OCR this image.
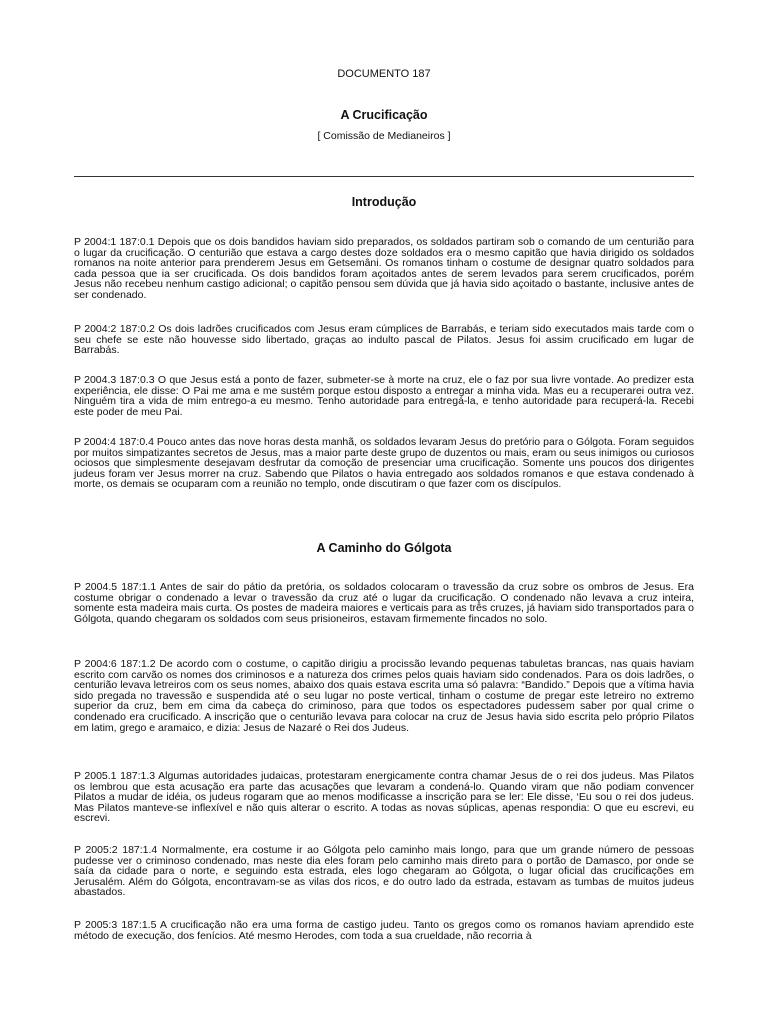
DOCUMENTO 187
A Crucificação
[ Comissão de Medianeiros ]
Introdução

P 2004:1 187:0.1 Depois que os dois bandidos haviam sido preparados, os soldados partiram sob o comando de um centurião para o lugar da crucificação. O centurião que estava a cargo destes doze soldados era o mesmo capitão que havia dirigido os soldados romanos na noite anterior para prenderem Jesus em Getsemâni. Os romanos tinham o costume de designar quatro soldados para cada pessoa que ia ser crucificada. Os dois bandidos foram açoitados antes de serem levados para serem crucificados, porém Jesus não recebeu nenhum castigo adicional; o capitão pensou sem dúvida que já havia sido açoitado o bastante, inclusive antes de ser condenado.

P 2004:2 187:0.2 Os dois ladrões crucificados com Jesus eram cúmplices de Barrabás, e teriam sido executados mais tarde com o seu chefe se este não houvesse sido libertado, graças ao indulto pascal de Pilatos. Jesus foi assim crucificado em lugar de Barrabás.

P 2004.3 187:0.3 O que Jesus está a ponto de fazer, submeter-se à morte na cruz, ele o faz por sua livre vontade. Ao predizer esta experiência, ele disse: O Pai me ama e me sustém porque estou disposto a entregar a minha vida. Mas eu a recuperarei outra vez. Ninguém tira a vida de mim entrego-a eu mesmo. Tenho autoridade para entregá-la, e tenho autoridade para recuperá-la. Recebi este poder de meu Pai.

P 2004:4 187:0.4 Pouco antes das nove horas desta manhã, os soldados levaram Jesus do pretório para o Gólgota. Foram seguidos por muitos simpatizantes secretos de Jesus, mas a maior parte deste grupo de duzentos ou mais, eram ou seus inimigos ou curiosos ociosos que simplesmente desejavam desfrutar da comoção de presenciar uma crucificação. Somente uns poucos dos dirigentes judeus foram ver Jesus morrer na cruz. Sabendo que Pilatos o havia entregado aos soldados romanos e que estava condenado à morte, os demais se ocuparam com a reunião no templo, onde discutiram o que fazer com os discípulos.

A Caminho do Gólgota

P 2004.5 187:1.1 Antes de sair do pátio da pretória, os soldados colocaram o travessão da cruz sobre os ombros de Jesus. Era costume obrigar o condenado a levar o travessão da cruz até o lugar da crucificação. O condenado não levava a cruz inteira, somente esta madeira mais curta. Os postes de madeira maiores e verticais para as três cruzes, já haviam sido transportados para o Gólgota, quando chegaram os soldados com seus prisioneiros, estavam firmemente fincados no solo.

P 2004:6 187:1.2 De acordo com o costume, o capitão dirigiu a procissão levando pequenas tabuletas brancas, nas quais haviam escrito com carvão os nomes dos criminosos e a natureza dos crimes pelos quais haviam sido condenados. Para os dois ladrões, o centurião levava letreiros com os seus nomes, abaixo dos quais estava escrita uma só palavra: “Bandido.” Depois que a vítima havia sido pregada no travessão e suspendida até o seu lugar no poste vertical, tinham o costume de pregar este letreiro no extremo superior da cruz, bem em cima da cabeça do criminoso, para que todos os espectadores pudessem saber por qual crime o condenado era crucificado. A inscrição que o centurião levava para colocar na cruz de Jesus havia sido escrita pelo próprio Pilatos em latim, grego e aramaico, e dizia: Jesus de Nazaré o Rei dos Judeus.

P 2005.1 187:1.3 Algumas autoridades judaicas, protestaram energicamente contra chamar Jesus de o rei dos judeus. Mas Pilatos os lembrou que esta acusação era parte das acusações que levaram a condená-lo. Quando viram que não podiam convencer Pilatos a mudar de idéia, os judeus rogaram que ao menos modificasse a inscrição para se ler: Ele disse, ‘Eu sou o rei dos judeus. Mas Pilatos manteve-se inflexível e não quis alterar o escrito. A todas as novas súplicas, apenas respondia: O que eu escrevi, eu escrevi.

P 2005:2 187:1.4 Normalmente, era costume ir ao Gólgota pelo caminho mais longo, para que um grande número de pessoas pudesse ver o criminoso condenado, mas neste dia eles foram pelo caminho mais direto para o portão de Damasco, por onde se saía da cidade para o norte, e seguindo esta estrada, eles logo chegaram ao Gólgota, o lugar oficial das crucificações em Jerusalém. Além do Gólgota, encontravam-se as vilas dos ricos, e do outro lado da estrada, estavam as tumbas de muitos judeus abastados.

P 2005:3 187:1.5 A crucificação não era uma forma de castigo judeu. Tanto os gregos como os romanos haviam aprendido este método de execução, dos fenícios. Até mesmo Herodes, com toda a sua crueldade, não recorria à
